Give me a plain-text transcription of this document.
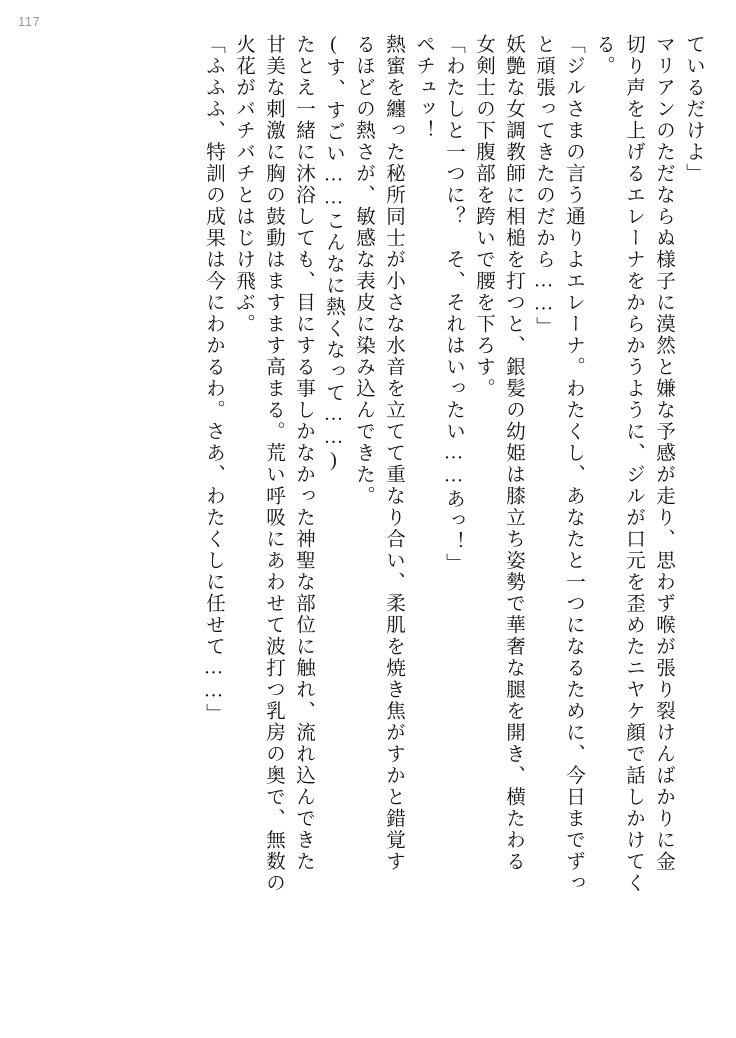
117
ているだけよ」
マリアンのただならぬ様子に漠然と嫌な予感が走り、思わず喉が張り裂けんばかりに金
切り声を上げるエレーナをからかうように、ジルが口元を歪めたニヤケ顔で話しかけてく
る。
「ジルさまの言う通りよエレーナ。わたくし、あなたと一つになるために、今日までずっ
と頑張ってきたのだから……」
妖艶な女調教師に相槌を打つと、銀髪の幼姫は膝立ち姿勢で華奢な腿を開き、横たわる
女剣士の下腹部を跨いで腰を下ろす。
「わたしと一つに？　そ、それはいったい……あっ！」
ペチュッ！
熱蜜を纏った秘所同士が小さな水音を立てて重なり合い、柔肌を焼き焦がすかと錯覚す
るほどの熱さが、敏感な表皮に染み込んできた。
(す、すごい……こんなに熱くなって……)
たとえ一緒に沐浴しても、目にする事しかなかった神聖な部位に触れ、流れ込んできた
甘美な刺激に胸の鼓動はますます高まる。荒い呼吸にあわせて波打つ乳房の奥で、無数の
火花がバチバチとはじけ飛ぶ。
「ふふふ、特訓の成果は今にわかるわ。さあ、わたくしに任せて……」
